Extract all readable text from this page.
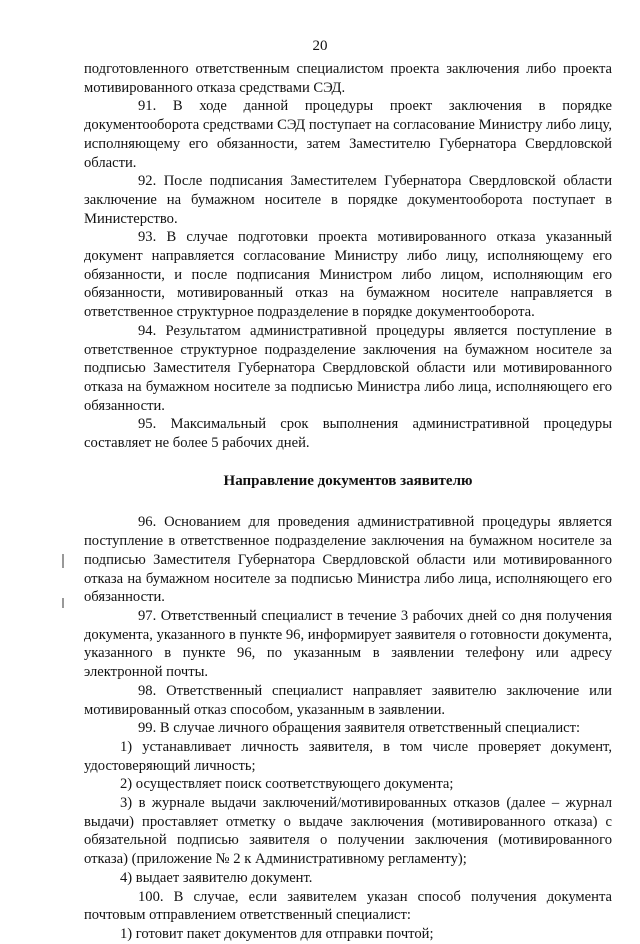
20

подготовленного ответственным специалистом проекта заключения либо проекта мотивированного отказа средствами СЭД.

91. В ходе данной процедуры проект заключения в порядке документооборота средствами СЭД поступает на согласование Министру либо лицу, исполняющему его обязанности, затем Заместителю Губернатора Свердловской области.

92. После подписания Заместителем Губернатора Свердловской области заключение на бумажном носителе в порядке документооборота поступает в Министерство.

93. В случае подготовки проекта мотивированного отказа указанный документ направляется согласование Министру либо лицу, исполняющему его обязанности, и после подписания Министром либо лицом, исполняющим его обязанности, мотивированный отказ на бумажном носителе направляется в ответственное структурное подразделение в порядке документооборота.

94. Результатом административной процедуры является поступление в ответственное структурное подразделение заключения на бумажном носителе за подписью Заместителя Губернатора Свердловской области или мотивированного отказа на бумажном носителе за подписью Министра либо лица, исполняющего его обязанности.

95. Максимальный срок выполнения административной процедуры составляет не более 5 рабочих дней.

Направление документов заявителю

96. Основанием для проведения административной процедуры является поступление в ответственное подразделение заключения на бумажном носителе за подписью Заместителя Губернатора Свердловской области или мотивированного отказа на бумажном носителе за подписью Министра либо лица, исполняющего его обязанности.

97. Ответственный специалист в течение 3 рабочих дней со дня получения документа, указанного в пункте 96, информирует заявителя о готовности документа, указанного в пункте 96, по указанным в заявлении телефону или адресу электронной почты.

98. Ответственный специалист направляет заявителю заключение или мотивированный отказ способом, указанным в заявлении.

99. В случае личного обращения заявителя ответственный специалист:

1) устанавливает личность заявителя, в том числе проверяет документ, удостоверяющий личность;

2) осуществляет поиск соответствующего документа;

3) в журнале выдачи заключений/мотивированных отказов (далее – журнал выдачи) проставляет отметку о выдаче заключения (мотивированного отказа) с обязательной подписью заявителя о получении заключения (мотивированного отказа) (приложение № 2 к Административному регламенту);

4) выдает заявителю документ.

100. В случае, если заявителем указан способ получения документа почтовым отправлением ответственный специалист:

1) готовит пакет документов для отправки почтой;
